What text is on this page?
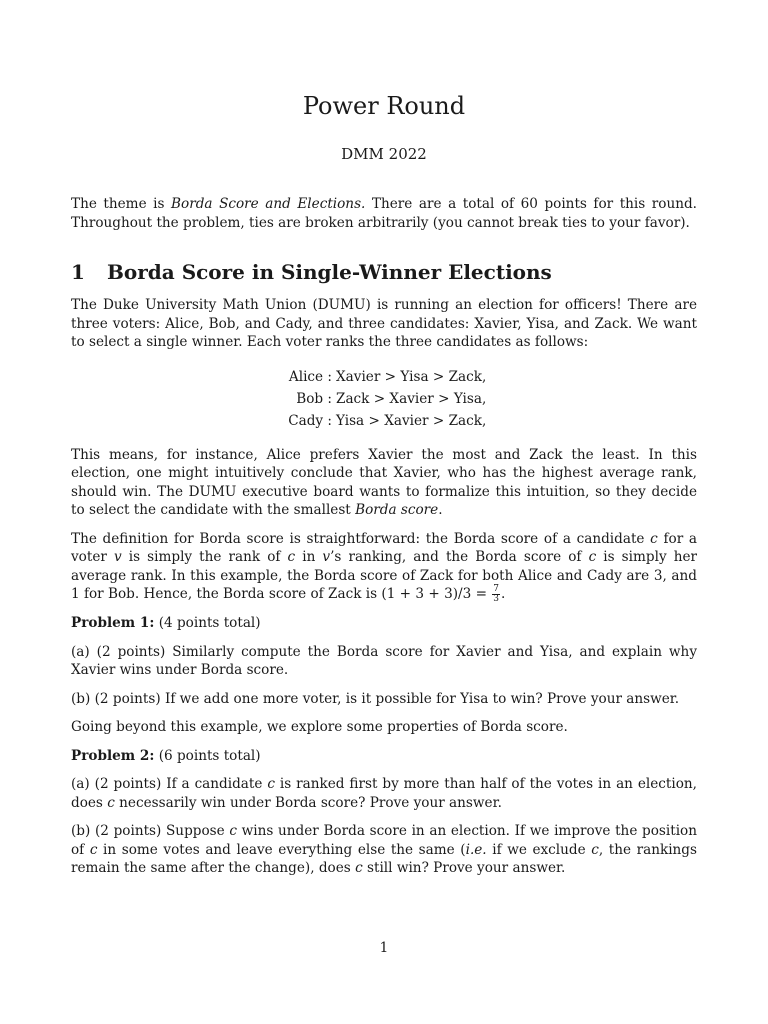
Power Round
DMM 2022

The theme is Borda Score and Elections. There are a total of 60 points for this round. Throughout the problem, ties are broken arbitrarily (you cannot break ties to your favor).

1	Borda Score in Single-Winner Elections

The Duke University Math Union (DUMU) is running an election for officers! There are three voters: Alice, Bob, and Cady, and three candidates: Xavier, Yisa, and Zack. We want to select a single winner. Each voter ranks the three candidates as follows:

Alice : Xavier > Yisa > Zack,
Bob : Zack > Xavier > Yisa,
Cady : Yisa > Xavier > Zack,

This means, for instance, Alice prefers Xavier the most and Zack the least. In this election, one might intuitively conclude that Xavier, who has the highest average rank, should win. The DUMU executive board wants to formalize this intuition, so they decide to select the candidate with the smallest Borda score.

The definition for Borda score is straightforward: the Borda score of a candidate c for a voter v is simply the rank of c in v’s ranking, and the Borda score of c is simply her average rank. In this example, the Borda score of Zack for both Alice and Cady are 3, and 1 for Bob. Hence, the Borda score of Zack is $(1 + 3 + 3)/3 = \frac{7}{3}$ .

Problem 1: (4 points total)

(a) (2 points) Similarly compute the Borda score for Xavier and Yisa, and explain why Xavier wins under Borda score.

(b) (2 points) If we add one more voter, is it possible for Yisa to win? Prove your answer.

Going beyond this example, we explore some properties of Borda score.

Problem 2: (6 points total)

(a) (2 points) If a candidate c is ranked first by more than half of the votes in an election, does c necessarily win under Borda score? Prove your answer.

(b) (2 points) Suppose c wins under Borda score in an election. If we improve the position of c in some votes and leave everything else the same (i.e. if we exclude c, the rankings remain the same after the change), does c still win? Prove your answer.

1
